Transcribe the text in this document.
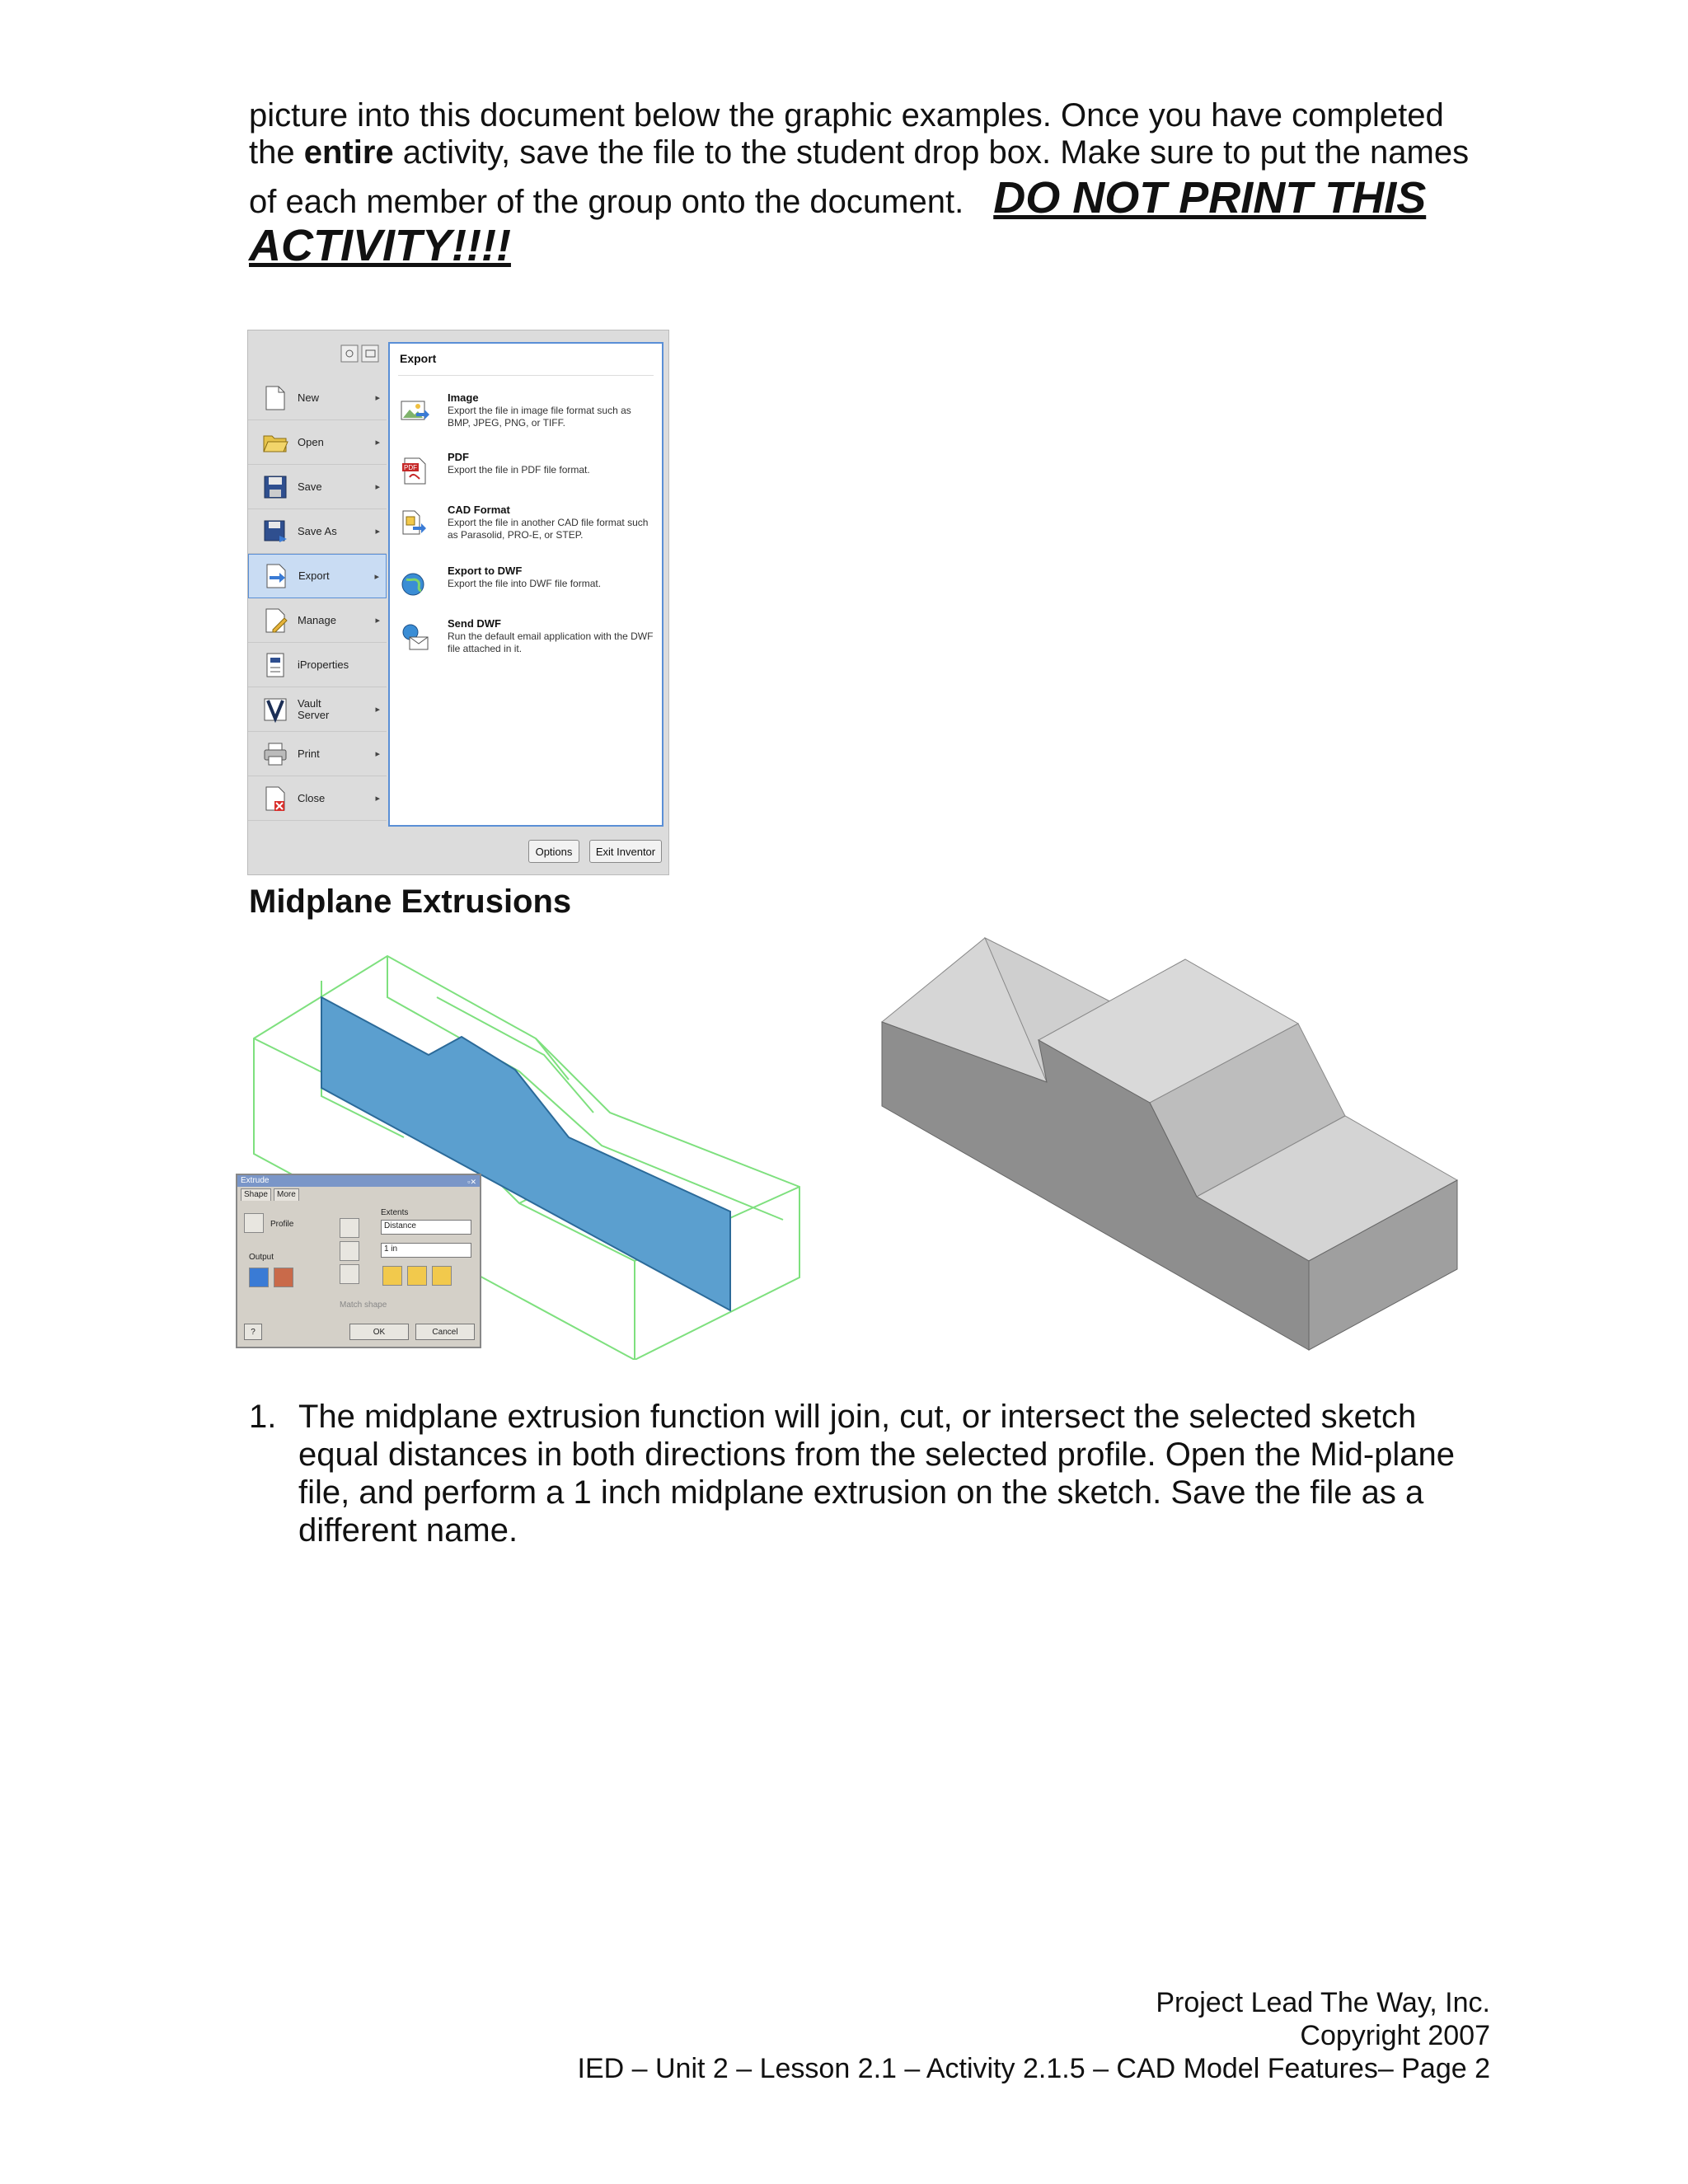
picture into this document below the graphic examples. Once you have completed
the entire activity, save the file to the student drop box. Make sure to put the names
of each member of the group onto the document. DO NOT PRINT THIS
ACTIVITY!!!!
New	▸
Open	▸
Save	▸
Save As	▸
Export	▸
Manage	▸
iProperties
Vault
Server	▸
Print	▸
Close	▸
Export
Image
Export the file in image file format such as BMP, JPEG, PNG, or TIFF.
PDF
PDF
Export the file in PDF file format.
CAD Format
Export the file in another CAD file format such as Parasolid, PRO-E, or STEP.
Export to DWF
Export the file into DWF file format.
Send DWF
Run the default email application with the DWF file attached in it.
Options	Exit Inventor
Midplane Extrusions
Extrude	▫✕
Shape	More
Profile
Output
Extents
Distance
1 in
Match shape
?	OK	Cancel
1. The midplane extrusion function will join, cut, or intersect the selected sketch
equal distances in both directions from the selected profile. Open the Mid-plane
file, and perform a 1 inch midplane extrusion on the sketch. Save the file as a
different name.
Project Lead The Way, Inc.
Copyright 2007
IED – Unit 2 – Lesson 2.1 – Activity 2.1.5 – CAD Model Features– Page 2
